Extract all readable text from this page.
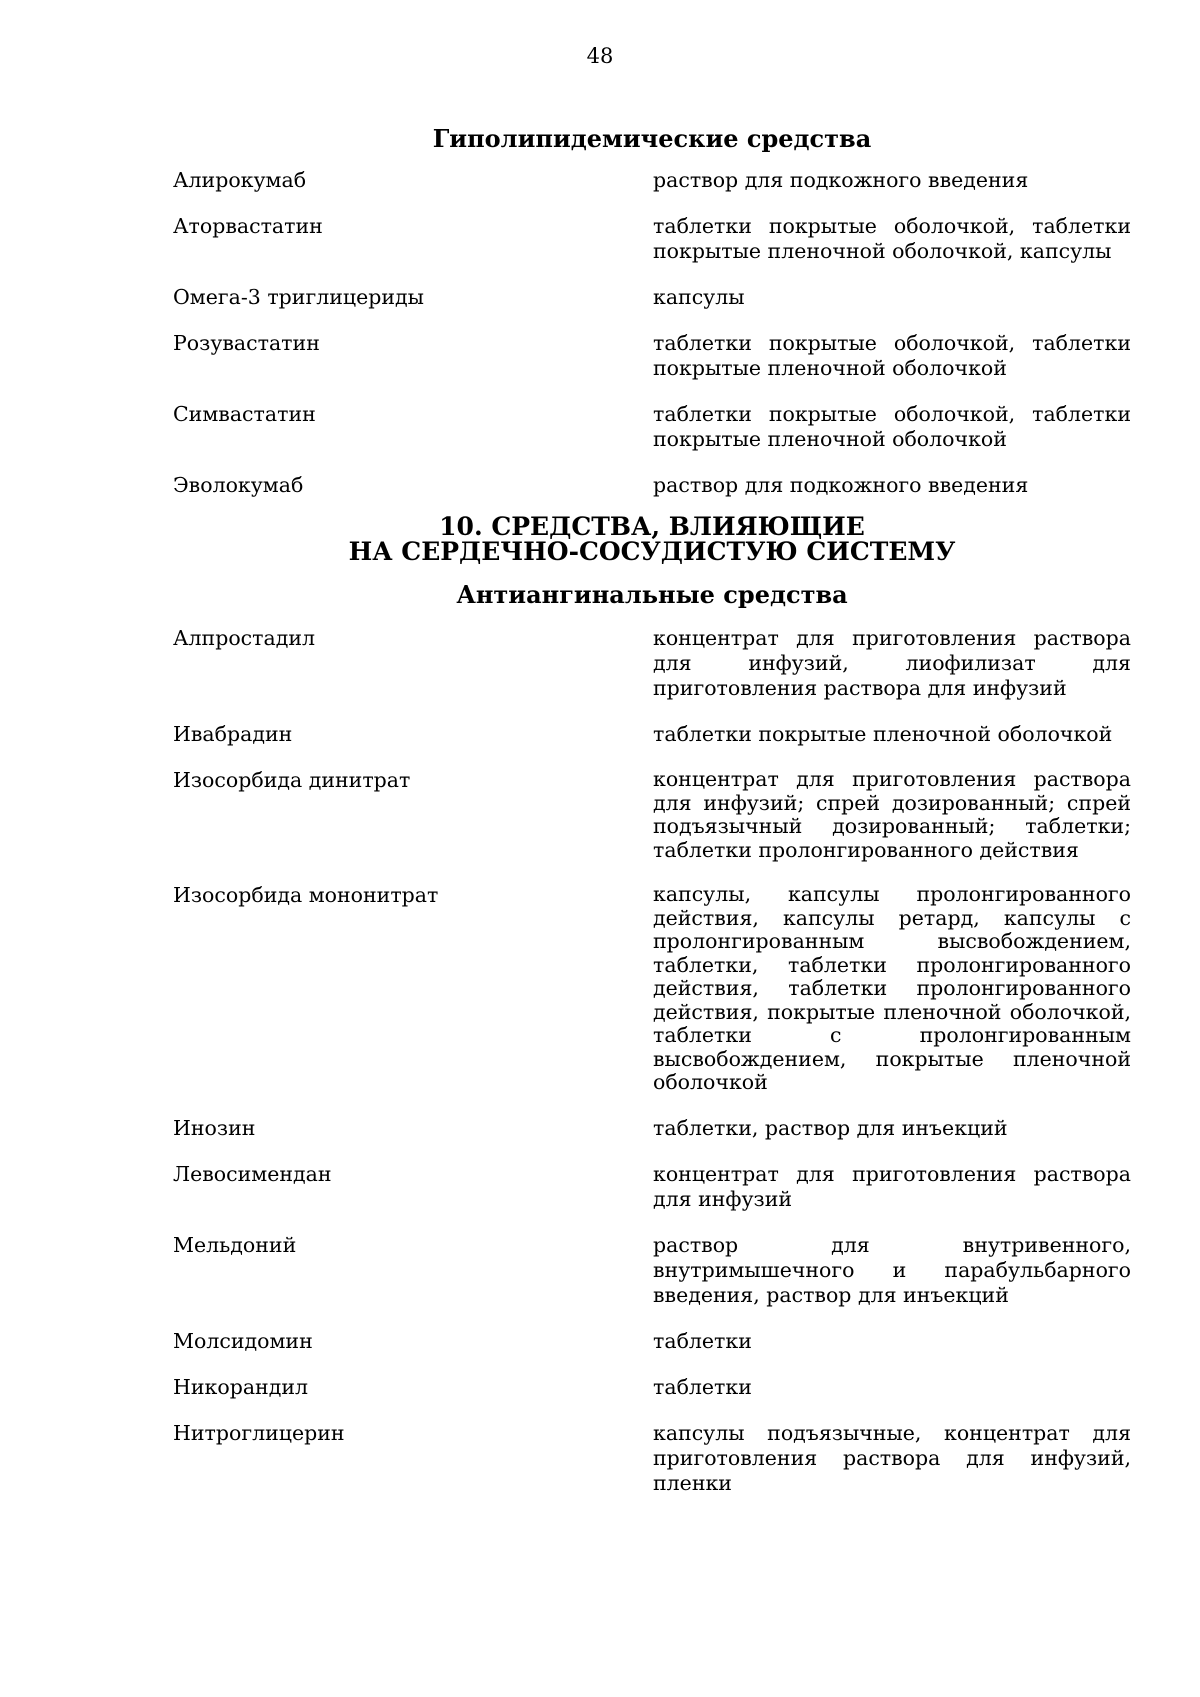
48
Гиполипидемические средства
Алирокумаб	раствор для подкожного введения
Аторвастатин	таблетки покрытые оболочкой, таблетки покрытые пленочной оболочкой, капсулы
Омега-3 триглицериды	капсулы
Розувастатин	таблетки покрытые оболочкой, таблетки покрытые пленочной оболочкой
Симвастатин	таблетки покрытые оболочкой, таблетки покрытые пленочной оболочкой
Эволокумаб	раствор для подкожного введения
10. СРЕДСТВА, ВЛИЯЮЩИЕ
НА СЕРДЕЧНО-СОСУДИСТУЮ СИСТЕМУ
Антиангинальные средства
Алпростадил	концентрат для приготовления раствора для инфузий, лиофилизат для приготовления раствора для инфузий
Ивабрадин	таблетки покрытые пленочной оболочкой
Изосорбида динитрат	концентрат для приготовления раствора для инфузий; спрей дозированный; спрей подъязычный дозированный; таблетки; таблетки пролонгированного действия
Изосорбида мононитрат	капсулы, капсулы пролонгированного действия, капсулы ретард, капсулы с пролонгированным высвобождением, таблетки, таблетки пролонгированного действия, таблетки пролонгированного действия, покрытые пленочной оболочкой, таблетки с пролонгированным высвобождением, покрытые пленочной оболочкой
Инозин	таблетки, раствор для инъекций
Левосимендан	концентрат для приготовления раствора для инфузий
Мельдоний	раствор для внутривенного, внутримышечного и парабульбарного введения, раствор для инъекций
Молсидомин	таблетки
Никорандил	таблетки
Нитроглицерин	капсулы подъязычные, концентрат для приготовления раствора для инфузий, пленки
